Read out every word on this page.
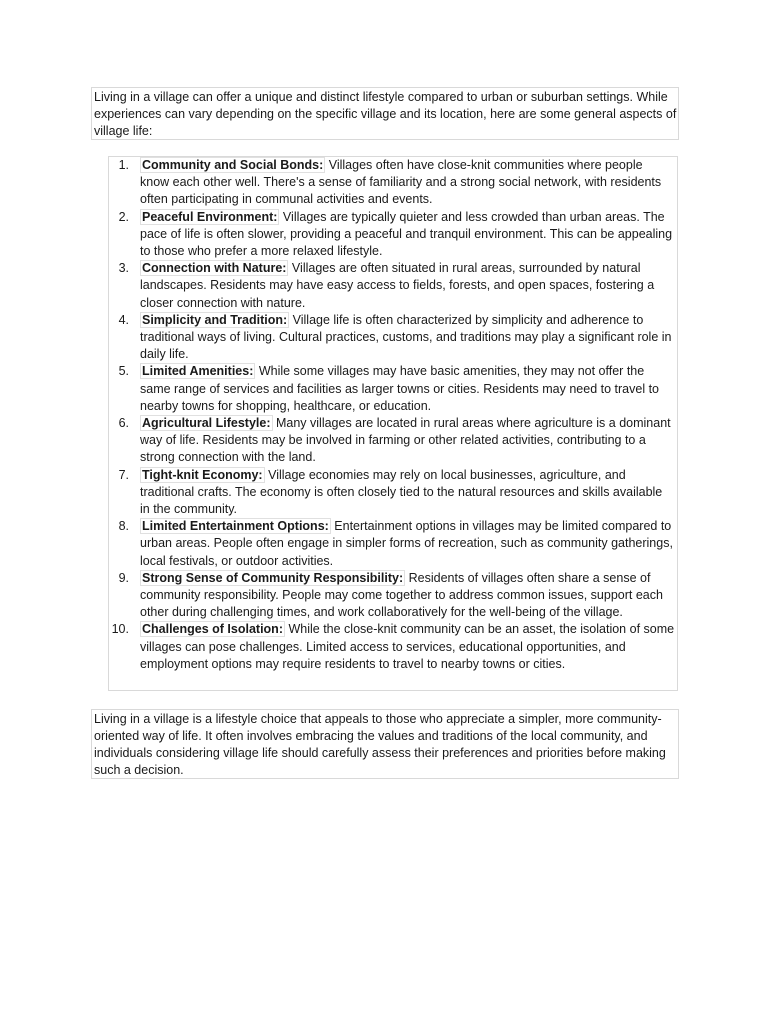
Living in a village can offer a unique and distinct lifestyle compared to urban or suburban settings. While experiences can vary depending on the specific village and its location, here are some general aspects of village life:
1. Community and Social Bonds: Villages often have close-knit communities where people know each other well. There's a sense of familiarity and a strong social network, with residents often participating in communal activities and events.
2. Peaceful Environment: Villages are typically quieter and less crowded than urban areas. The pace of life is often slower, providing a peaceful and tranquil environment. This can be appealing to those who prefer a more relaxed lifestyle.
3. Connection with Nature: Villages are often situated in rural areas, surrounded by natural landscapes. Residents may have easy access to fields, forests, and open spaces, fostering a closer connection with nature.
4. Simplicity and Tradition: Village life is often characterized by simplicity and adherence to traditional ways of living. Cultural practices, customs, and traditions may play a significant role in daily life.
5. Limited Amenities: While some villages may have basic amenities, they may not offer the same range of services and facilities as larger towns or cities. Residents may need to travel to nearby towns for shopping, healthcare, or education.
6. Agricultural Lifestyle: Many villages are located in rural areas where agriculture is a dominant way of life. Residents may be involved in farming or other related activities, contributing to a strong connection with the land.
7. Tight-knit Economy: Village economies may rely on local businesses, agriculture, and traditional crafts. The economy is often closely tied to the natural resources and skills available in the community.
8. Limited Entertainment Options: Entertainment options in villages may be limited compared to urban areas. People often engage in simpler forms of recreation, such as community gatherings, local festivals, or outdoor activities.
9. Strong Sense of Community Responsibility: Residents of villages often share a sense of community responsibility. People may come together to address common issues, support each other during challenging times, and work collaboratively for the well-being of the village.
10. Challenges of Isolation: While the close-knit community can be an asset, the isolation of some villages can pose challenges. Limited access to services, educational opportunities, and employment options may require residents to travel to nearby towns or cities.
Living in a village is a lifestyle choice that appeals to those who appreciate a simpler, more community-oriented way of life. It often involves embracing the values and traditions of the local community, and individuals considering village life should carefully assess their preferences and priorities before making such a decision.
